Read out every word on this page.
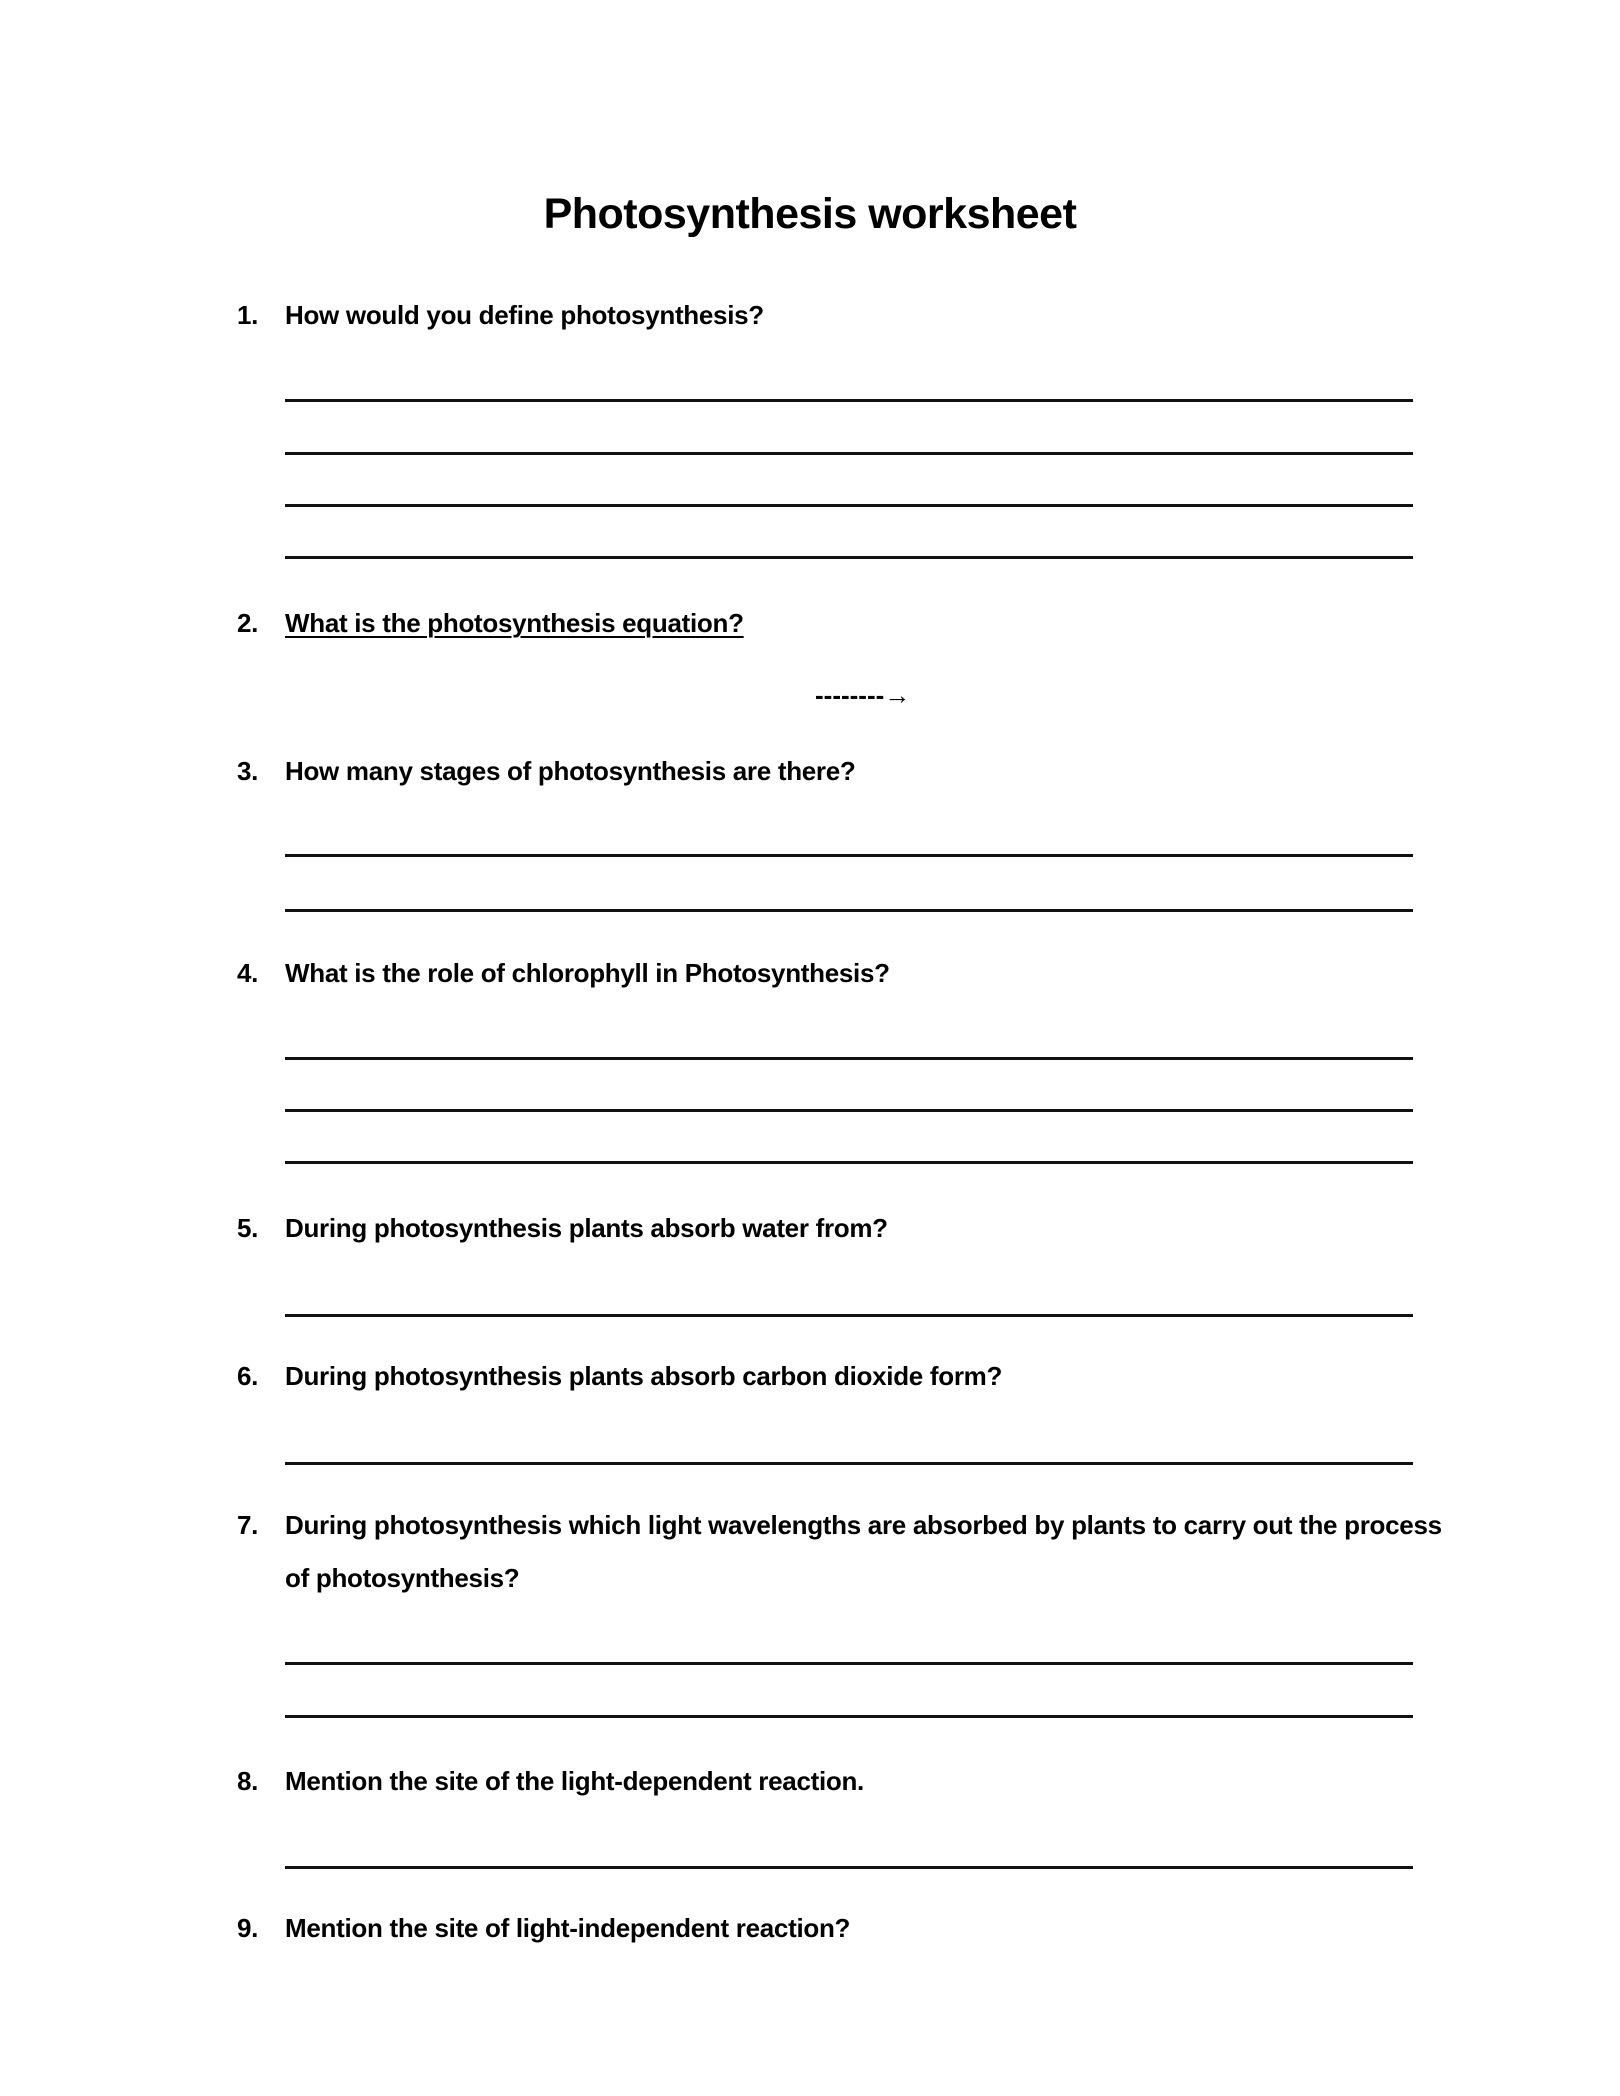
Photosynthesis worksheet
1. How would you define photosynthesis?
2. What is the photosynthesis equation?
--------→
3. How many stages of photosynthesis are there?
4. What is the role of chlorophyll in Photosynthesis?
5. During photosynthesis plants absorb water from?
6. During photosynthesis plants absorb carbon dioxide form?
7. During photosynthesis which light wavelengths are absorbed by plants to carry out the process
of photosynthesis?
8. Mention the site of the light-dependent reaction.
9. Mention the site of light-independent reaction?
